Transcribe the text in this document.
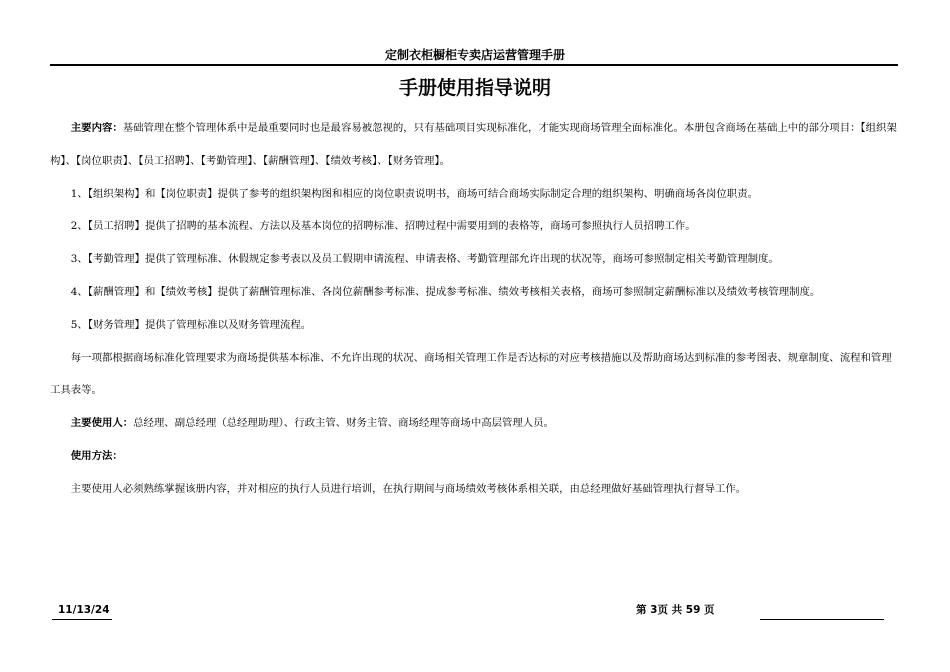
定制衣柜橱柜专卖店运营管理手册
手册使用指导说明

主要内容：基础管理在整个管理体系中是最重要同时也是最容易被忽视的，只有基础项目实现标准化，才能实现商场管理全面标准化。本册包含商场在基础上中的部分项目：【组织架构】、【岗位职责】、【员工招聘】、【考勤管理】、【薪酬管理】、【绩效考核】、【财务管理】。

1、【组织架构】和【岗位职责】提供了参考的组织架构图和相应的岗位职责说明书，商场可结合商场实际制定合理的组织架构、明确商场各岗位职责。

2、【员工招聘】提供了招聘的基本流程、方法以及基本岗位的招聘标准、招聘过程中需要用到的表格等，商场可参照执行人员招聘工作。

3、【考勤管理】提供了管理标准、休假规定参考表以及员工假期申请流程、申请表格、考勤管理部允许出现的状况等，商场可参照制定相关考勤管理制度。

4、【薪酬管理】和【绩效考核】提供了薪酬管理标准、各岗位薪酬参考标准、提成参考标准、绩效考核相关表格，商场可参照制定薪酬标准以及绩效考核管理制度。

5、【财务管理】提供了管理标准以及财务管理流程。

每一项都根据商场标准化管理要求为商场提供基本标准、不允许出现的状况、商场相关管理工作是否达标的对应考核措施以及帮助商场达到标准的参考图表、规章制度、流程和管理工具表等。

主要使用人：总经理、副总经理（总经理助理）、行政主管、财务主管、商场经理等商场中高层管理人员。

使用方法：

主要使用人必须熟练掌握该册内容，并对相应的执行人员进行培训，在执行期间与商场绩效考核体系相关联，由总经理做好基础管理执行督导工作。

11/13/24	第 3页 共 59 页
